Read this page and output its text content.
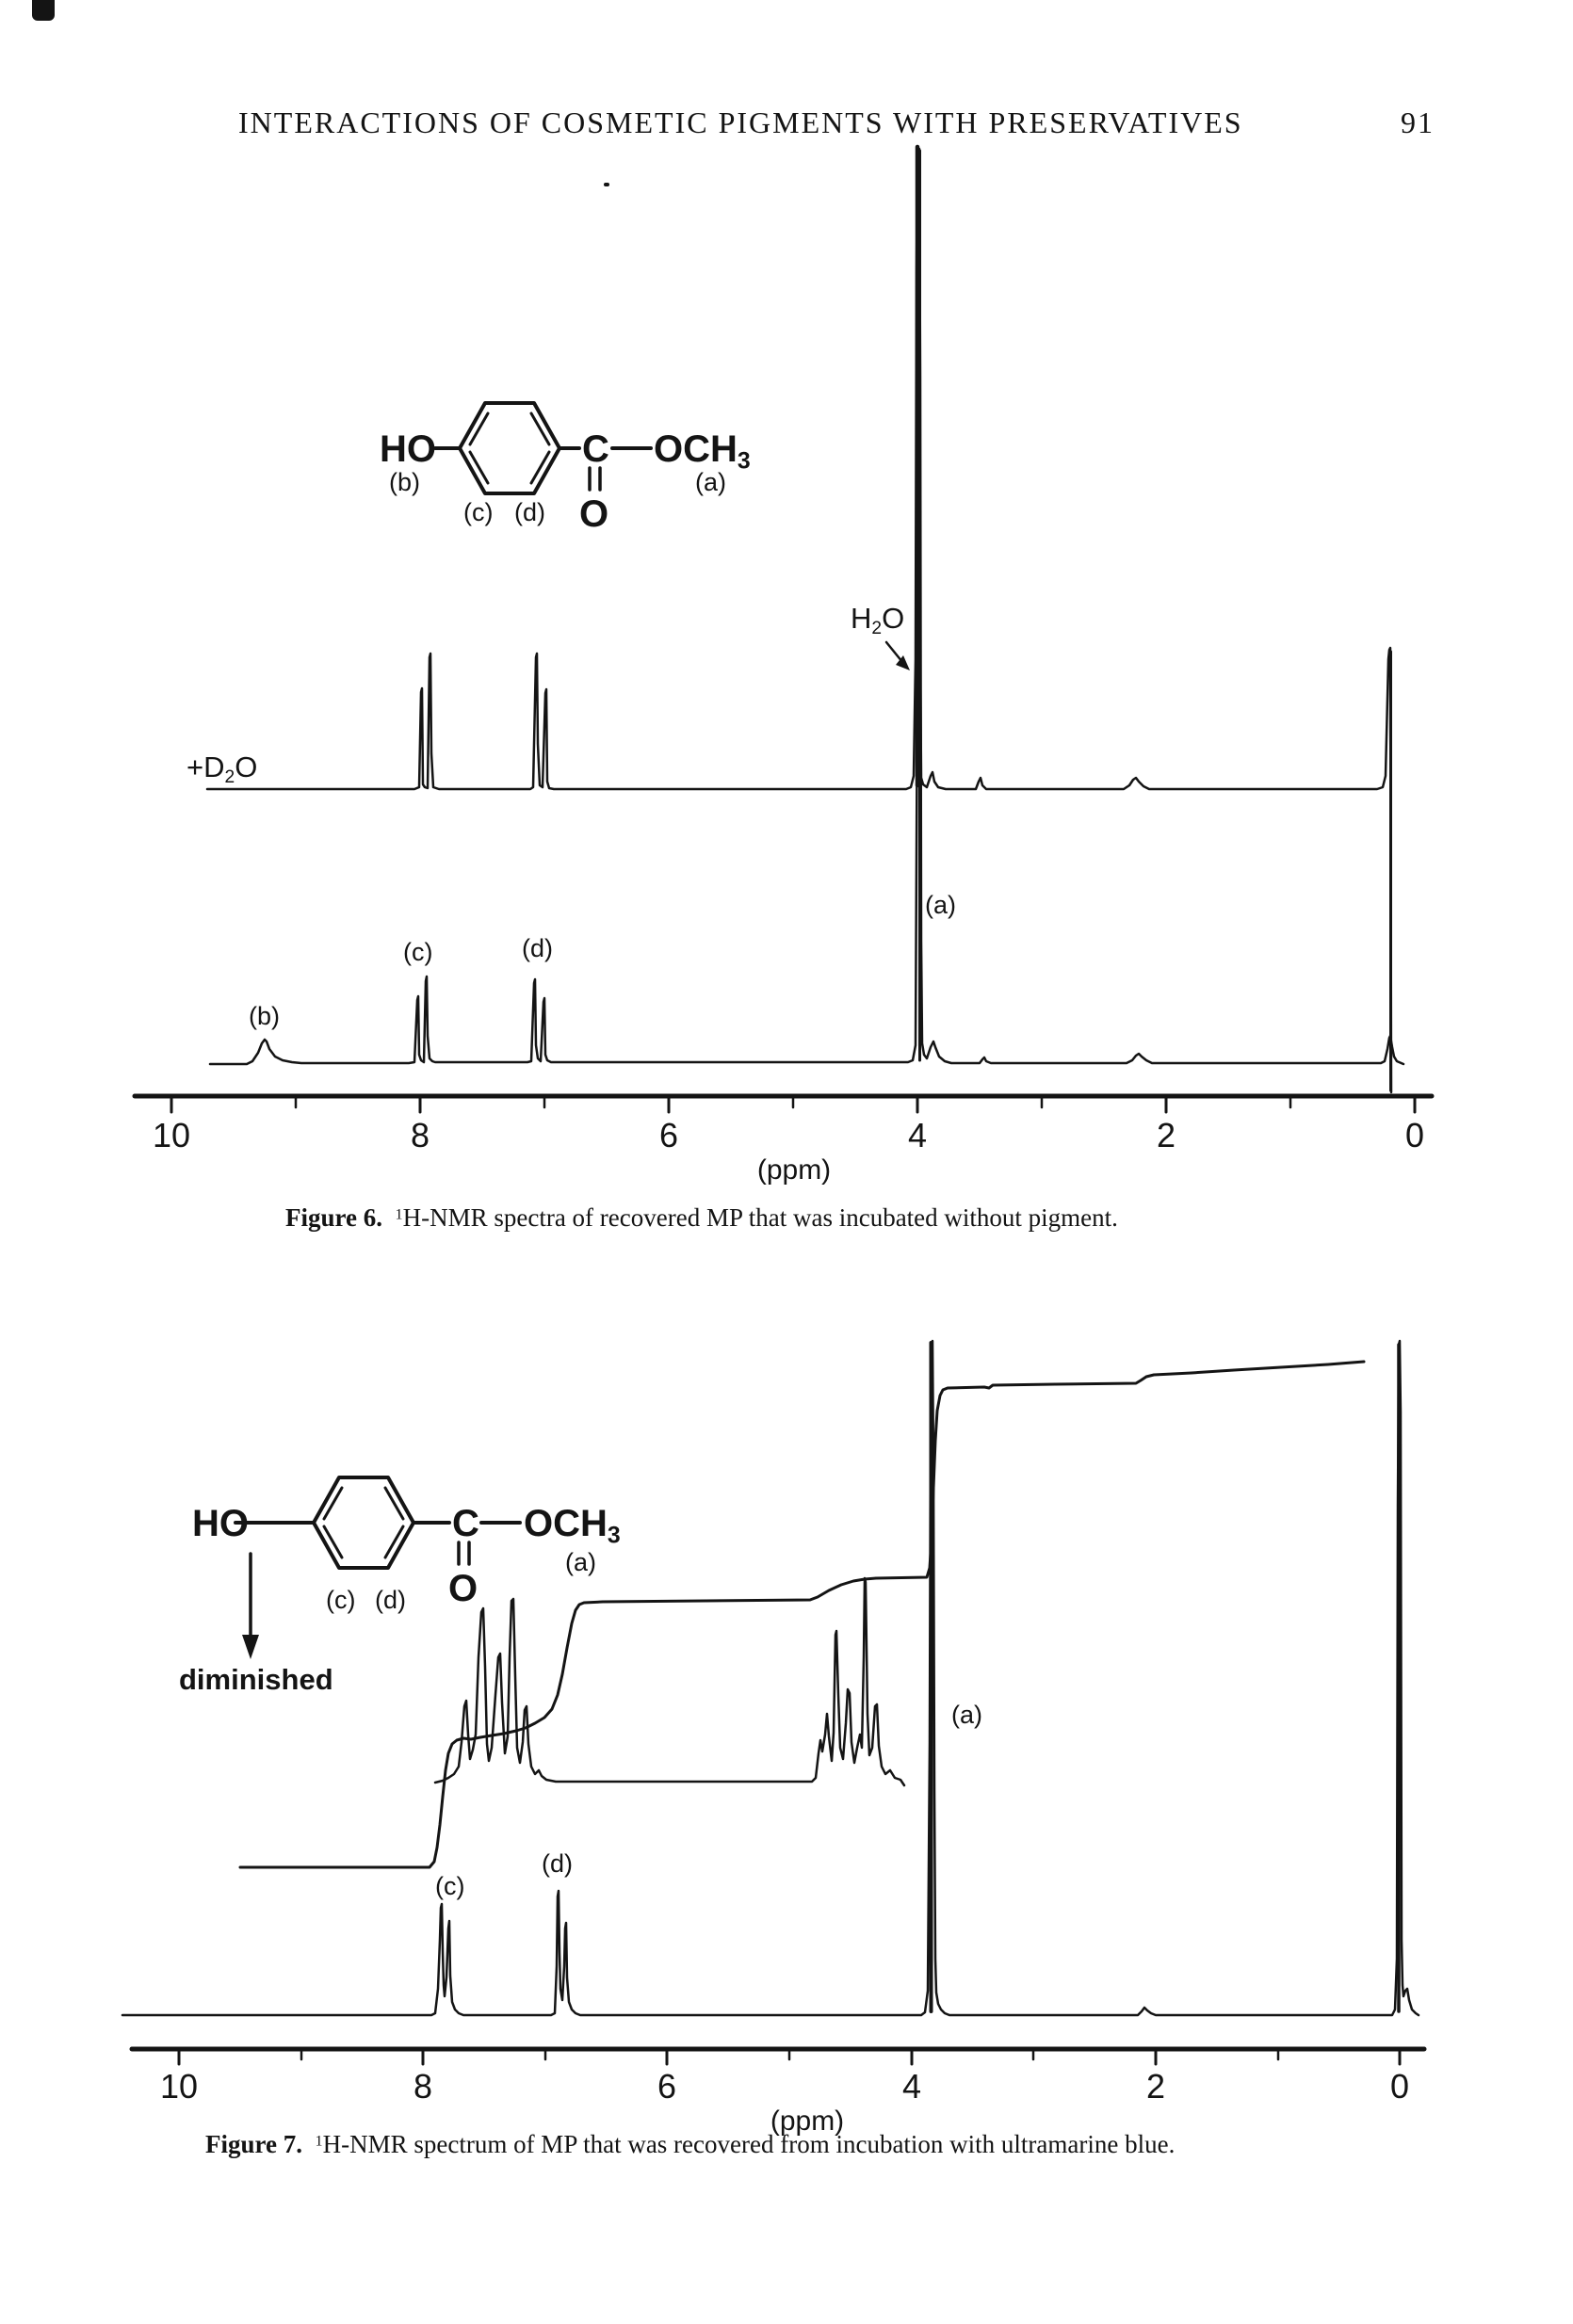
INTERACTIONS OF COSMETIC PIGMENTS WITH PRESERVATIVES	91
HO	C $OCH_3$
O
(b)
(c) (d)
(a)
$+D_2O$
$H_2O$
(a)
(b)
(c)	(d)
10	8	6	4	2	0
(ppm)
Figure 6. $^1$H-NMR spectra of recovered MP that was incubated without pigment.
HO	C $OCH_3$
O
(c) (d)
(a)
diminished
(c)
(d)
(a)
10	8	6	4	2	0
(ppm)
Figure 7. $^1$H-NMR spectrum of MP that was recovered from incubation with ultramarine blue.
